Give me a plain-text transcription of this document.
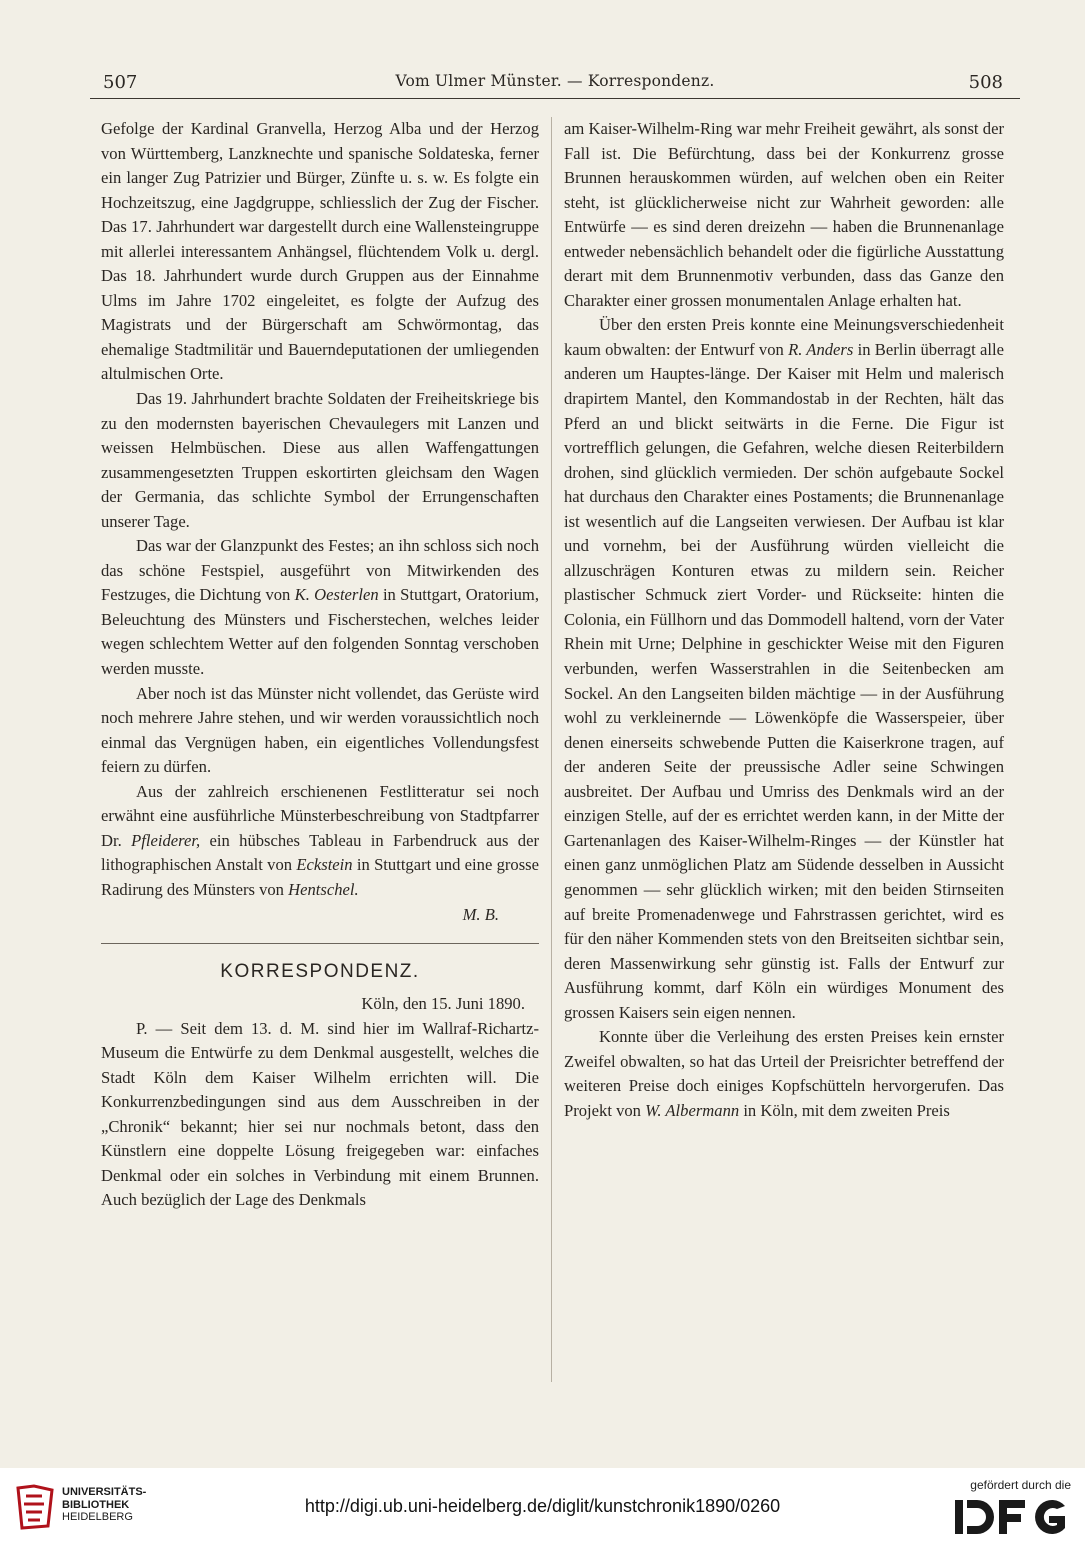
507	Vom Ulmer Münster. — Korrespondenz.	508

Gefolge der Kardinal Granvella, Herzog Alba und der Herzog von Württemberg, Lanzknechte und spanische Soldateska, ferner ein langer Zug Patrizier und Bürger, Zünfte u. s. w. Es folgte ein Hochzeitszug, eine Jagdgruppe, schliesslich der Zug der Fischer. Das 17. Jahrhundert war dargestellt durch eine Wallensteingruppe mit allerlei interessantem Anhängsel, flüchtendem Volk u. dergl. Das 18. Jahrhundert wurde durch Gruppen aus der Einnahme Ulms im Jahre 1702 eingeleitet, es folgte der Aufzug des Magistrats und der Bürgerschaft am Schwörmontag, das ehemalige Stadtmilitär und Bauerndeputationen der umliegenden altulmischen Orte.

Das 19. Jahrhundert brachte Soldaten der Freiheitskriege bis zu den modernsten bayerischen Chevaulegers mit Lanzen und weissen Helmbüschen. Diese aus allen Waffengattungen zusammengesetzten Truppen eskortirten gleichsam den Wagen der Germania, das schlichte Symbol der Errungenschaften unserer Tage.

Das war der Glanzpunkt des Festes; an ihn schloss sich noch das schöne Festspiel, ausgeführt von Mitwirkenden des Festzuges, die Dichtung von K. Oesterlen in Stuttgart, Oratorium, Beleuchtung des Münsters und Fischerstechen, welches leider wegen schlechtem Wetter auf den folgenden Sonntag verschoben werden musste.

Aber noch ist das Münster nicht vollendet, das Gerüste wird noch mehrere Jahre stehen, und wir werden voraussichtlich noch einmal das Vergnügen haben, ein eigentliches Vollendungsfest feiern zu dürfen.

Aus der zahlreich erschienenen Festlitteratur sei noch erwähnt eine ausführliche Münsterbeschreibung von Stadtpfarrer Dr. Pfleiderer, ein hübsches Tableau in Farbendruck aus der lithographischen Anstalt von Eckstein in Stuttgart und eine grosse Radirung des Münsters von Hentschel.

M. B.
KORRESPONDENZ.
Köln, den 15. Juni 1890.

P. — Seit dem 13. d. M. sind hier im Wallraf-Richartz-Museum die Entwürfe zu dem Denkmal ausgestellt, welches die Stadt Köln dem Kaiser Wilhelm errichten will. Die Konkurrenzbedingungen sind aus dem Ausschreiben in der „Chronik“ bekannt; hier sei nur nochmals betont, dass den Künstlern eine doppelte Lösung freigegeben war: einfaches Denkmal oder ein solches in Verbindung mit einem Brunnen. Auch bezüglich der Lage des Denkmals

am Kaiser-Wilhelm-Ring war mehr Freiheit gewährt, als sonst der Fall ist. Die Befürchtung, dass bei der Konkurrenz grosse Brunnen herauskommen würden, auf welchen oben ein Reiter steht, ist glücklicherweise nicht zur Wahrheit geworden: alle Entwürfe — es sind deren dreizehn — haben die Brunnenanlage entweder nebensächlich behandelt oder die figürliche Ausstattung derart mit dem Brunnenmotiv verbunden, dass das Ganze den Charakter einer grossen monumentalen Anlage erhalten hat.

Über den ersten Preis konnte eine Meinungsverschiedenheit kaum obwalten: der Entwurf von R. Anders in Berlin überragt alle anderen um Hauptes-länge. Der Kaiser mit Helm und malerisch drapirtem Mantel, den Kommandostab in der Rechten, hält das Pferd an und blickt seitwärts in die Ferne. Die Figur ist vortrefflich gelungen, die Gefahren, welche diesen Reiterbildern drohen, sind glücklich vermieden. Der schön aufgebaute Sockel hat durchaus den Charakter eines Postaments; die Brunnenanlage ist wesentlich auf die Langseiten verwiesen. Der Aufbau ist klar und vornehm, bei der Ausführung würden vielleicht die allzuschrägen Konturen etwas zu mildern sein. Reicher plastischer Schmuck ziert Vorder- und Rückseite: hinten die Colonia, ein Füllhorn und das Dommodell haltend, vorn der Vater Rhein mit Urne; Delphine in geschickter Weise mit den Figuren verbunden, werfen Wasserstrahlen in die Seitenbecken am Sockel. An den Langseiten bilden mächtige — in der Ausführung wohl zu verkleinernde — Löwenköpfe die Wasserspeier, über denen einerseits schwebende Putten die Kaiserkrone tragen, auf der anderen Seite der preussische Adler seine Schwingen ausbreitet. Der Aufbau und Umriss des Denkmals wird an der einzigen Stelle, auf der es errichtet werden kann, in der Mitte der Gartenanlagen des Kaiser-Wilhelm-Ringes — der Künstler hat einen ganz unmöglichen Platz am Südende desselben in Aussicht genommen — sehr glücklich wirken; mit den beiden Stirnseiten auf breite Promenadenwege und Fahrstrassen gerichtet, wird es für den näher Kommenden stets von den Breitseiten sichtbar sein, deren Massenwirkung sehr günstig ist. Falls der Entwurf zur Ausführung kommt, darf Köln ein würdiges Monument des grossen Kaisers sein eigen nennen.

Konnte über die Verleihung des ersten Preises kein ernster Zweifel obwalten, so hat das Urteil der Preisrichter betreffend der weiteren Preise doch einiges Kopfschütteln hervorgerufen. Das Projekt von W. Albermann in Köln, mit dem zweiten Preis

UNIVERSITÄTS-
BIBLIOTHEK
HEIDELBERG
http://digi.ub.uni-heidelberg.de/diglit/kunstchronik1890/0260
gefördert durch die
